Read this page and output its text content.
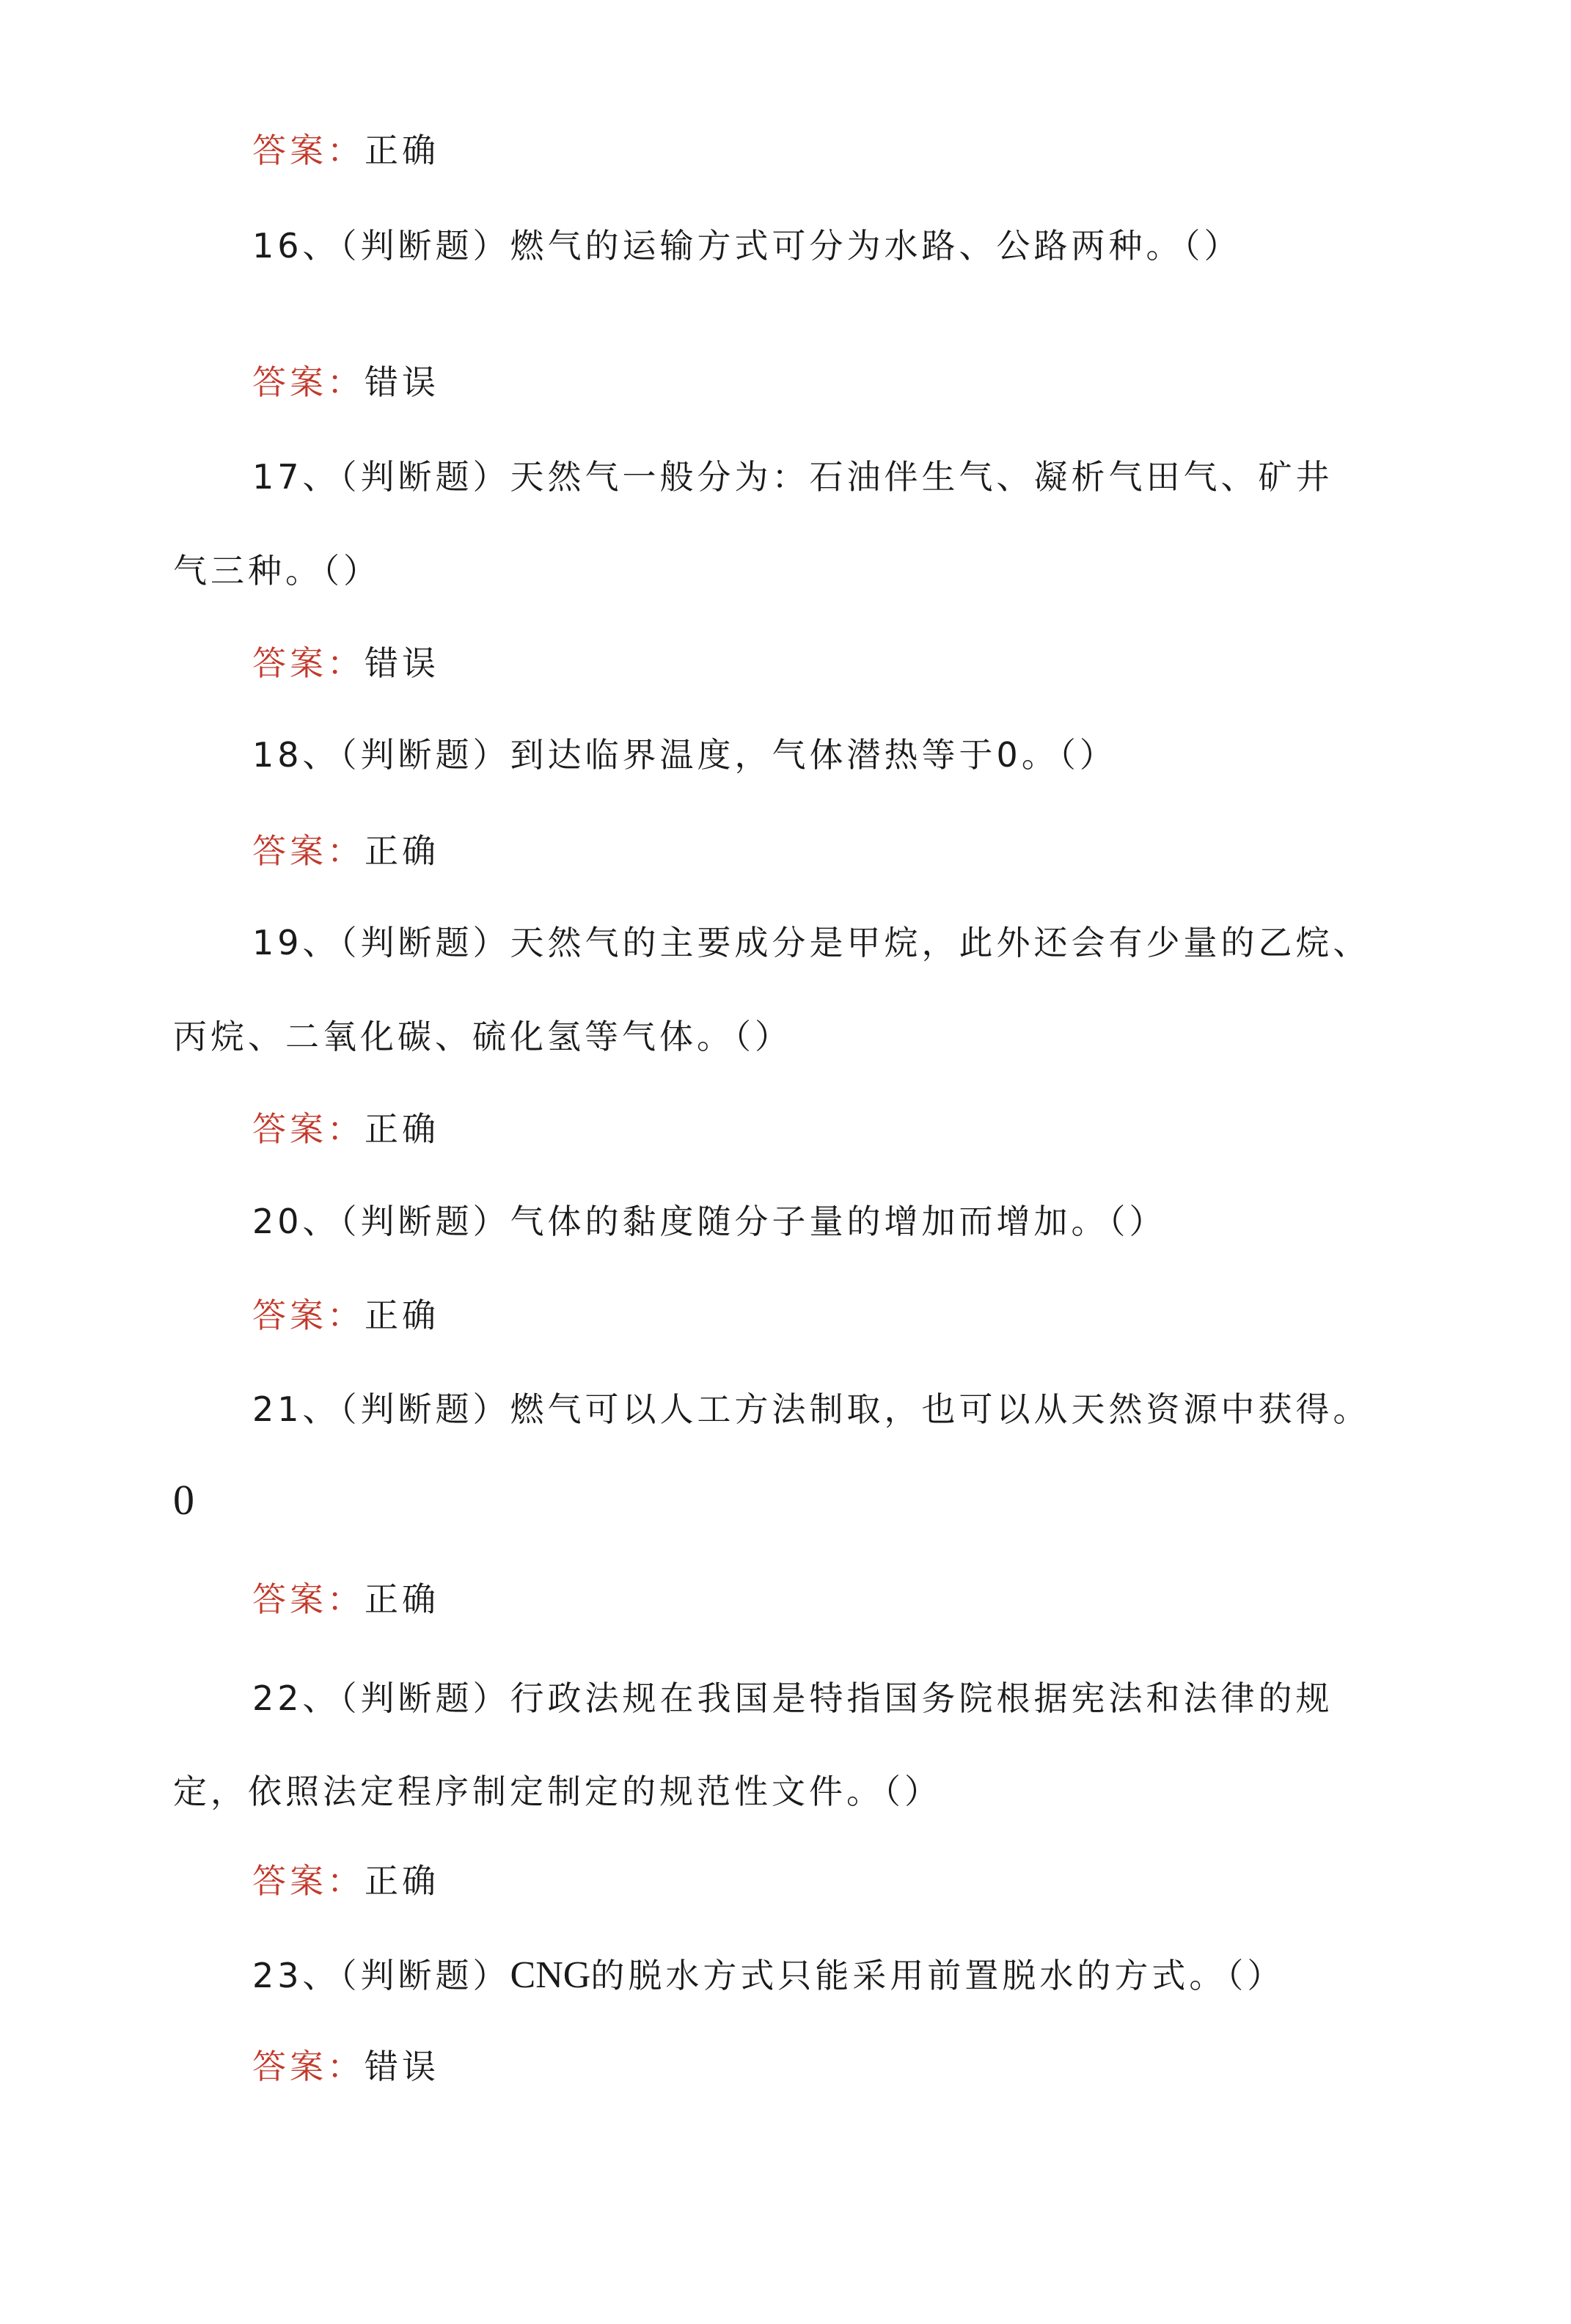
答案：正确
16、（判断题）燃气的运输方式可分为水路、公路两种。（）
答案：错误
17、（判断题）天然气一般分为：石油伴生气、凝析气田气、矿井
气三种。（）
答案：错误
18、（判断题）到达临界温度，气体潜热等于0。（）
答案：正确
19、（判断题）天然气的主要成分是甲烷，此外还会有少量的乙烷、
丙烷、二氧化碳、硫化氢等气体。（）
答案：正确
20、（判断题）气体的黏度随分子量的增加而增加。（）
答案：正确
21、（判断题）燃气可以人工方法制取，也可以从天然资源中获得。
0
答案：正确
22、（判断题）行政法规在我国是特指国务院根据宪法和法律的规
定，依照法定程序制定制定的规范性文件。（）
答案：正确
23、（判断题）CNG的脱水方式只能采用前置脱水的方式。（）
答案：错误
